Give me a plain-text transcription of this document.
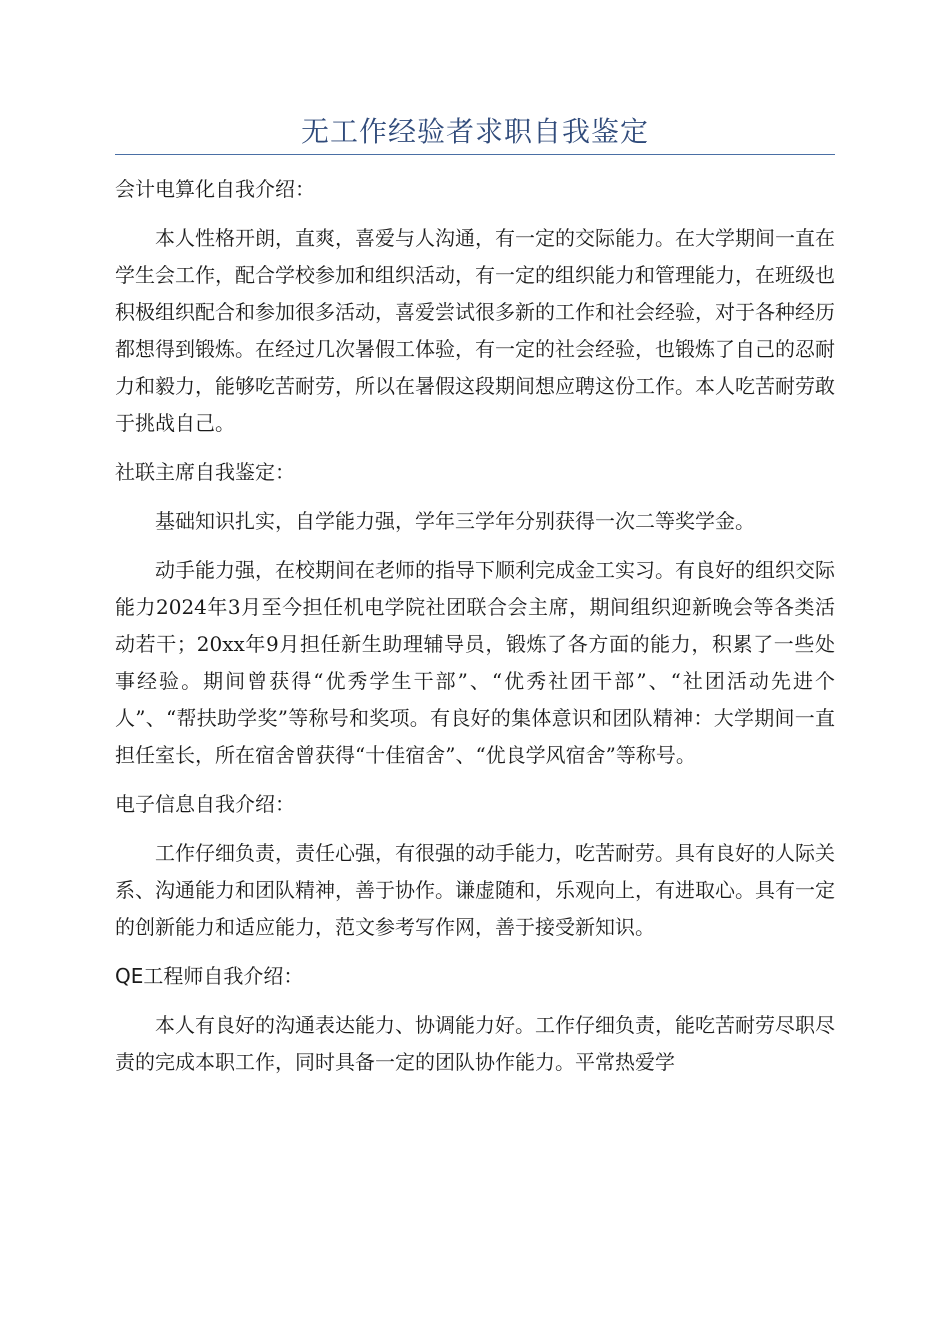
无工作经验者求职自我鉴定

会计电算化自我介绍：

本人性格开朗，直爽，喜爱与人沟通，有一定的交际能力。在大学期间一直在学生会工作，配合学校参加和组织活动，有一定的组织能力和管理能力，在班级也积极组织配合和参加很多活动，喜爱尝试很多新的工作和社会经验，对于各种经历都想得到锻炼。在经过几次暑假工体验，有一定的社会经验，也锻炼了自己的忍耐力和毅力，能够吃苦耐劳，所以在暑假这段期间想应聘这份工作。本人吃苦耐劳敢于挑战自己。

社联主席自我鉴定：

基础知识扎实，自学能力强，学年三学年分别获得一次二等奖学金。

动手能力强，在校期间在老师的指导下顺利完成金工实习。有良好的组织交际能力2024年3月至今担任机电学院社团联合会主席，期间组织迎新晚会等各类活动若干；20xx年9月担任新生助理辅导员，锻炼了各方面的能力，积累了一些处事经验。期间曾获得“优秀学生干部”、“优秀社团干部”、“社团活动先进个人”、“帮扶助学奖”等称号和奖项。有良好的集体意识和团队精神：大学期间一直担任室长，所在宿舍曾获得“十佳宿舍”、“优良学风宿舍”等称号。

电子信息自我介绍：

工作仔细负责，责任心强，有很强的动手能力，吃苦耐劳。具有良好的人际关系、沟通能力和团队精神，善于协作。谦虚随和，乐观向上，有进取心。具有一定的创新能力和适应能力，范文参考写作网，善于接受新知识。

QE工程师自我介绍：

本人有良好的沟通表达能力、协调能力好。工作仔细负责，能吃苦耐劳尽职尽责的完成本职工作，同时具备一定的团队协作能力。平常热爱学
